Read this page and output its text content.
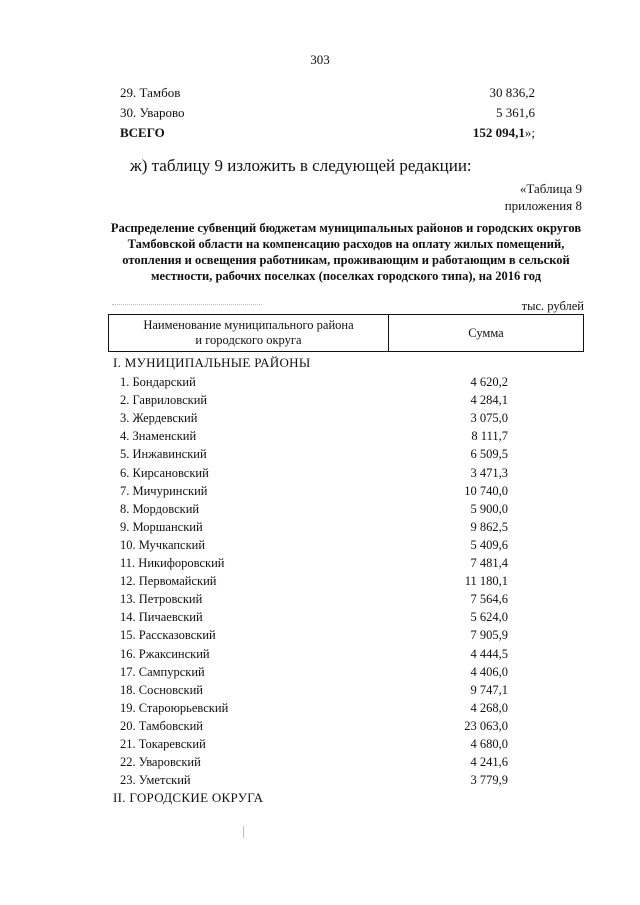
303
29. Тамбов	30 836,2
30. Уварово	5 361,6
ВСЕГО	152 094,1»;
ж) таблицу 9 изложить в следующей редакции:
«Таблица 9
приложения 8
Распределение субвенций бюджетам муниципальных районов и городских округов Тамбовской области на компенсацию расходов на оплату жилых помещений, отопления и освещения работникам, проживающим и работающим в сельской местности, рабочих поселках (поселках городского типа), на 2016 год
тыс. рублей
Наименование муниципального района
и городского округа
Сумма
I. МУНИЦИПАЛЬНЫЕ РАЙОНЫ
1. Бондарский	4 620,2
2. Гавриловский	4 284,1
3. Жердевский	3 075,0
4. Знаменский	8 111,7
5. Инжавинский	6 509,5
6. Кирсановский	3 471,3
7. Мичуринский	10 740,0
8. Мордовский	5 900,0
9. Моршанский	9 862,5
10. Мучкапский	5 409,6
11. Никифоровский	7 481,4
12. Первомайский	11 180,1
13. Петровский	7 564,6
14. Пичаевский	5 624,0
15. Рассказовский	7 905,9
16. Ржаксинский	4 444,5
17. Сампурский	4 406,0
18. Сосновский	9 747,1
19. Староюрьевский	4 268,0
20. Тамбовский	23 063,0
21. Токаревский	4 680,0
22. Уваровский	4 241,6
23. Уметский	3 779,9
II. ГОРОДСКИЕ ОКРУГА
